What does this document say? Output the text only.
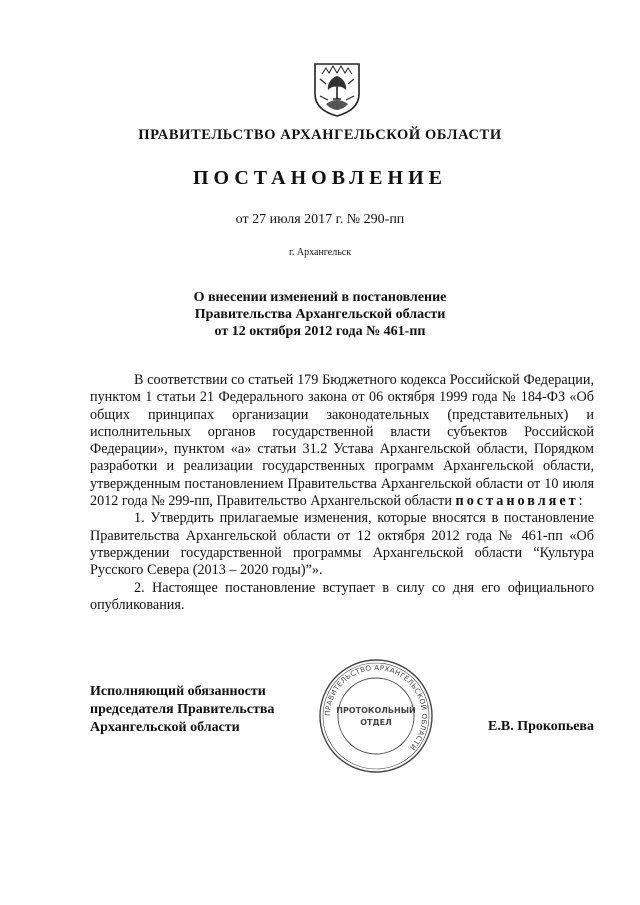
ПРАВИТЕЛЬСТВО АРХАНГЕЛЬСКОЙ ОБЛАСТИ
ПОСТАНОВЛЕНИЕ
от 27 июля 2017 г. № 290-пп
г. Архангельск
О внесении изменений в постановление
Правительства Архангельской области
от 12 октября 2012 года № 461-пп

В соответствии со статьей 179 Бюджетного кодекса Российской Федерации, пунктом 1 статьи 21 Федерального закона от 06 октября 1999 года № 184-ФЗ «Об общих принципах организации законодательных (представительных) и исполнительных органов государственной власти субъектов Российской Федерации», пунктом «а» статьи 31.2 Устава Архангельской области, Порядком разработки и реализации государственных программ Архангельской области, утвержденным постановлением Правительства Архангельской области от 10 июля 2012 года № 299-пп, Правительство Архангельской области постановляет:

1. Утвердить прилагаемые изменения, которые вносятся в постановление Правительства Архангельской области от 12 октября 2012 года № 461-пп «Об утверждении государственной программы Архангельской области “Культура Русского Севера (2013 – 2020 годы)”».

2. Настоящее постановление вступает в силу со дня его официального опубликования.

Исполняющий обязанности
председателя Правительства
Архангельской области
ПРАВИТЕЛЬСТВО АРХАНГЕЛЬСКОЙ ОБЛАСТИ
ПРОТОКОЛЬНЫЙ
ОТДЕЛ	Е.В. Прокопьева
